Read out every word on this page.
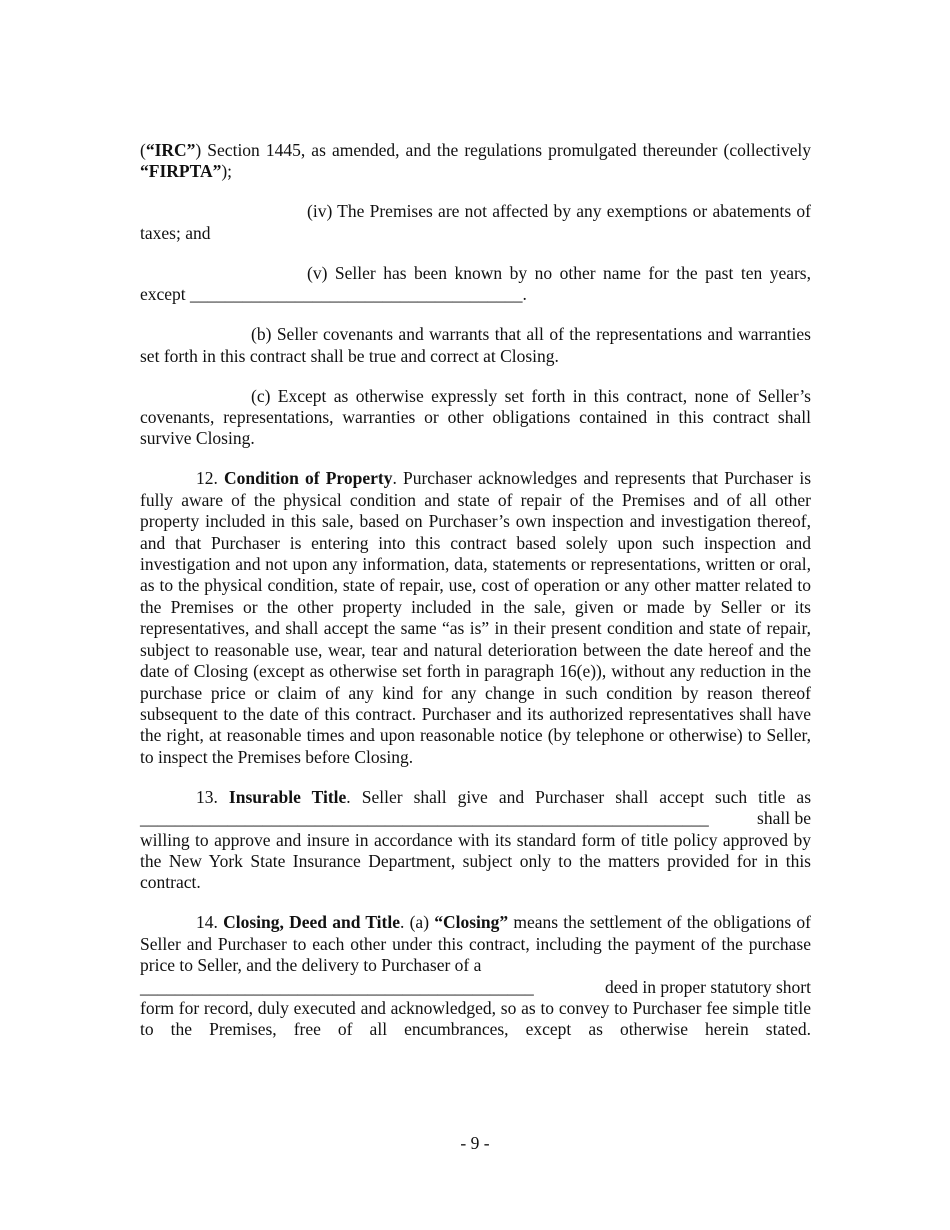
(“IRC”) Section 1445, as amended, and the regulations promulgated thereunder (collectively “FIRPTA”);

(iv) The Premises are not affected by any exemptions or abatements of taxes; and

(v) Seller has been known by no other name for the past ten years, except ______________________________________.

(b) Seller covenants and warrants that all of the representations and warranties set forth in this contract shall be true and correct at Closing.

(c) Except as otherwise expressly set forth in this contract, none of Seller’s covenants, representations, warranties or other obligations contained in this contract shall survive Closing.

12. Condition of Property. Purchaser acknowledges and represents that Purchaser is fully aware of the physical condition and state of repair of the Premises and of all other property included in this sale, based on Purchaser’s own inspection and investigation thereof, and that Purchaser is entering into this contract based solely upon such inspection and investigation and not upon any information, data, statements or representations, written or oral, as to the physical condition, state of repair, use, cost of operation or any other matter related to the Premises or the other property included in the sale, given or made by Seller or its representatives, and shall accept the same “as is” in their present condition and state of repair, subject to reasonable use, wear, tear and natural deterioration between the date hereof and the date of Closing (except as otherwise set forth in paragraph 16(e)), without any reduction in the purchase price or claim of any kind for any change in such condition by reason thereof subsequent to the date of this contract. Purchaser and its authorized representatives shall have the right, at reasonable times and upon reasonable notice (by telephone or otherwise) to Seller, to inspect the Premises before Closing.

13. Insurable Title. Seller shall give and Purchaser shall accept such title as

_________________________________________________________________	shall be

willing to approve and insure in accordance with its standard form of title policy approved by the New York State Insurance Department, subject only to the matters provided for in this contract.

14. Closing, Deed and Title. (a) “Closing” means the settlement of the obligations of Seller and Purchaser to each other under this contract, including the payment of the purchase price to Seller, and the delivery to Purchaser of a

_____________________________________________	deed in proper statutory short

form for record, duly executed and acknowledged, so as to convey to Purchaser fee simple title to the Premises, free of all encumbrances, except as otherwise herein stated.

- 9 -
